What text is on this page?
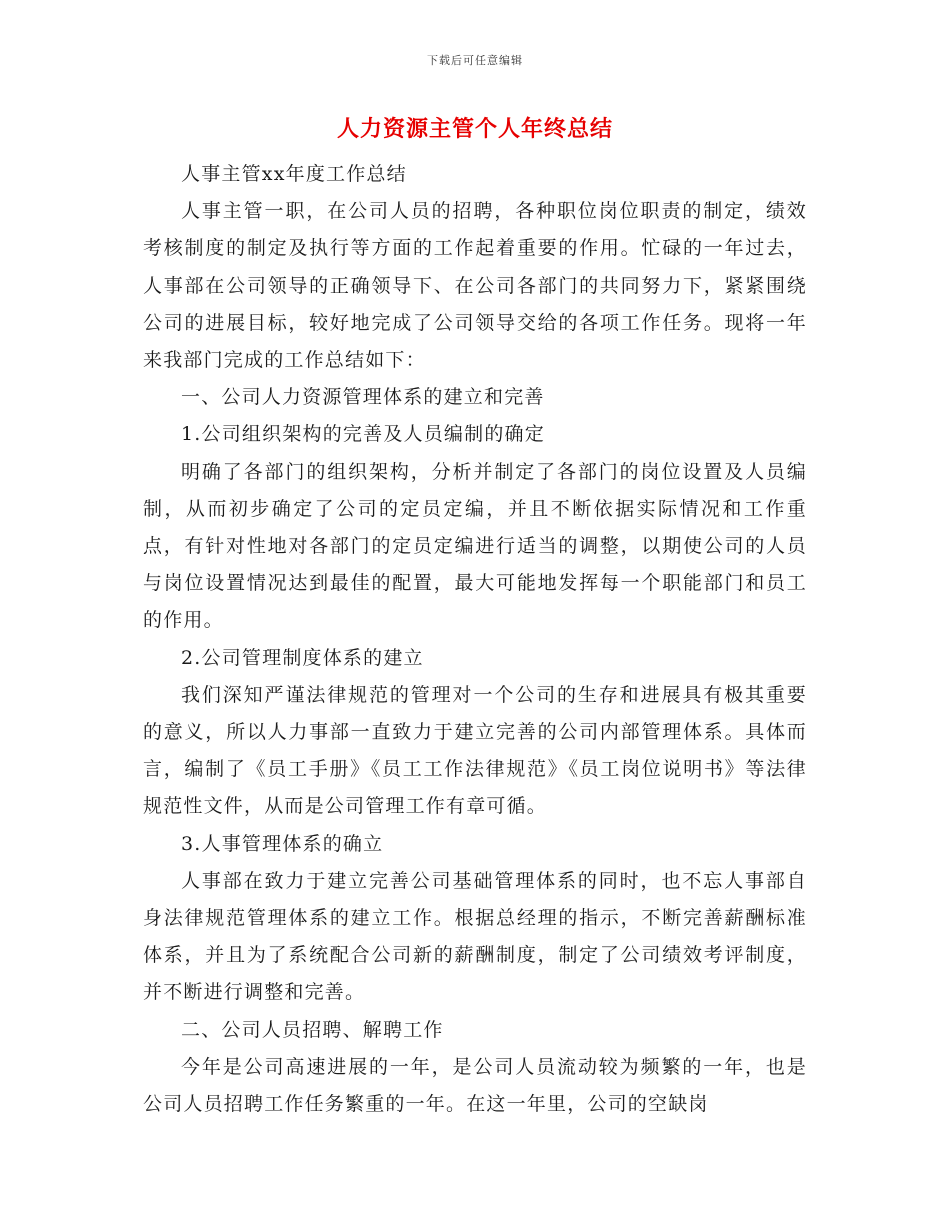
下载后可任意编辑
人力资源主管个人年终总结

人事主管xx年度工作总结

人事主管一职，在公司人员的招聘，各种职位岗位职责的制定，绩效考核制度的制定及执行等方面的工作起着重要的作用。忙碌的一年过去，人事部在公司领导的正确领导下、在公司各部门的共同努力下，紧紧围绕公司的进展目标，较好地完成了公司领导交给的各项工作任务。现将一年来我部门完成的工作总结如下：

一、公司人力资源管理体系的建立和完善

1.公司组织架构的完善及人员编制的确定

明确了各部门的组织架构，分析并制定了各部门的岗位设置及人员编制，从而初步确定了公司的定员定编，并且不断依据实际情况和工作重点，有针对性地对各部门的定员定编进行适当的调整，以期使公司的人员与岗位设置情况达到最佳的配置，最大可能地发挥每一个职能部门和员工的作用。

2.公司管理制度体系的建立

我们深知严谨法律规范的管理对一个公司的生存和进展具有极其重要的意义，所以人力事部一直致力于建立完善的公司内部管理体系。具体而言，编制了《员工手册》《员工工作法律规范》《员工岗位说明书》等法律规范性文件，从而是公司管理工作有章可循。

3.人事管理体系的确立

人事部在致力于建立完善公司基础管理体系的同时，也不忘人事部自身法律规范管理体系的建立工作。根据总经理的指示，不断完善薪酬标准体系，并且为了系统配合公司新的薪酬制度，制定了公司绩效考评制度，并不断进行调整和完善。

二、公司人员招聘、解聘工作

今年是公司高速进展的一年，是公司人员流动较为频繁的一年，也是公司人员招聘工作任务繁重的一年。在这一年里，公司的空缺岗
